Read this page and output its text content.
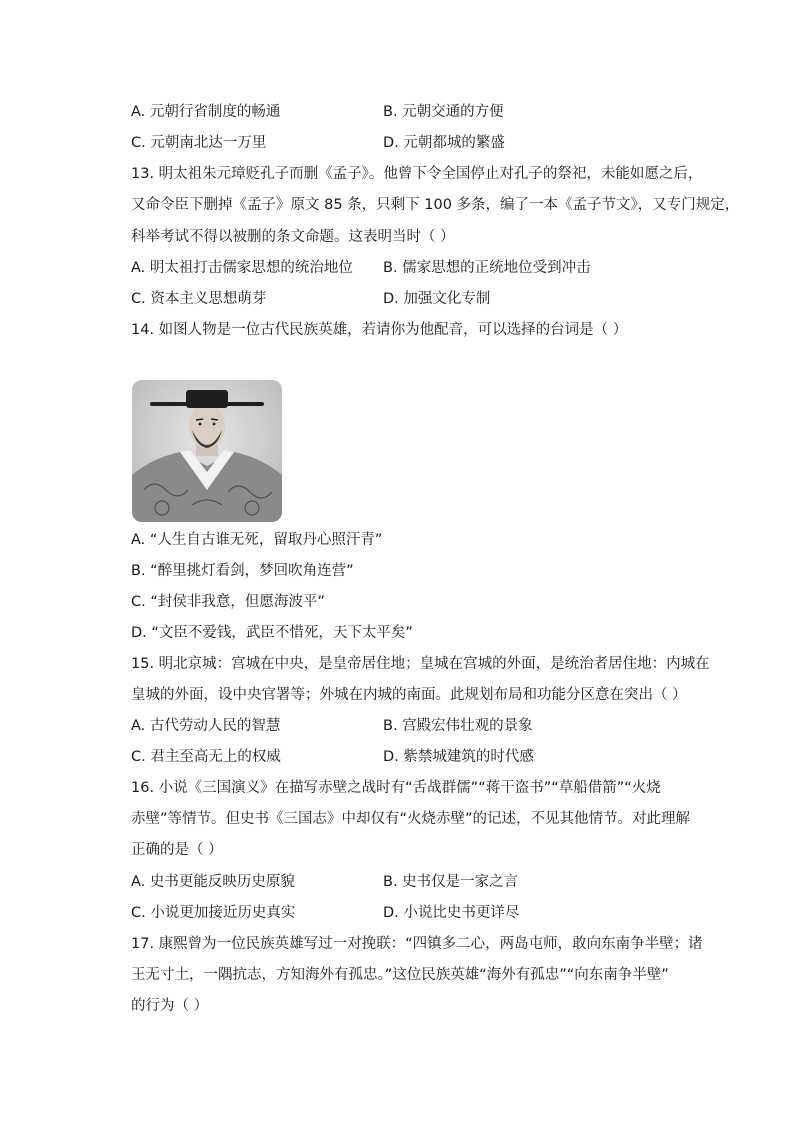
A. 元朝行省制度的畅通	B. 元朝交通的方便
C. 元朝南北达一万里	D. 元朝都城的繁盛
13. 明太祖朱元璋贬孔子而删《孟子》。他曾下令全国停止对孔子的祭祀，未能如愿之后，
又命令臣下删掉《孟子》原文 85 条，只剩下 100 多条，编了一本《孟子节文》，又专门规定，
科举考试不得以被删的条文命题。这表明当时（ ）
A. 明太祖打击儒家思想的统治地位 B. 儒家思想的正统地位受到冲击
C. 资本主义思想萌芽	D. 加强文化专制
14. 如图人物是一位古代民族英雄，若请你为他配音，可以选择的台词是（ ）
A. “人生自古谁无死，留取丹心照汗青”
B. “醉里挑灯看剑，梦回吹角连营”
C. “封侯非我意，但愿海波平”
D. “文臣不爱钱，武臣不惜死，天下太平矣”
15. 明北京城：宫城在中央，是皇帝居住地；皇城在宫城的外面，是统治者居住地：内城在
皇城的外面，设中央官署等；外城在内城的南面。此规划布局和功能分区意在突出（ ）
A. 古代劳动人民的智慧	B. 宫殿宏伟壮观的景象
C. 君主至高无上的权威	D. 紫禁城建筑的时代感
16. 小说《三国演义》在描写赤壁之战时有“舌战群儒”“蒋干盗书”“草船借箭”“火烧
赤壁”等情节。但史书《三国志》中却仅有“火烧赤壁”的记述，不见其他情节。对此理解
正确的是（ ）
A. 史书更能反映历史原貌	B. 史书仅是一家之言
C. 小说更加接近历史真实	D. 小说比史书更详尽
17. 康熙曾为一位民族英雄写过一对挽联：“四镇多二心，两岛屯师，敢向东南争半壁；诸
王无寸土，一隅抗志，方知海外有孤忠。”这位民族英雄“海外有孤忠”“向东南争半壁”
的行为（ ）
